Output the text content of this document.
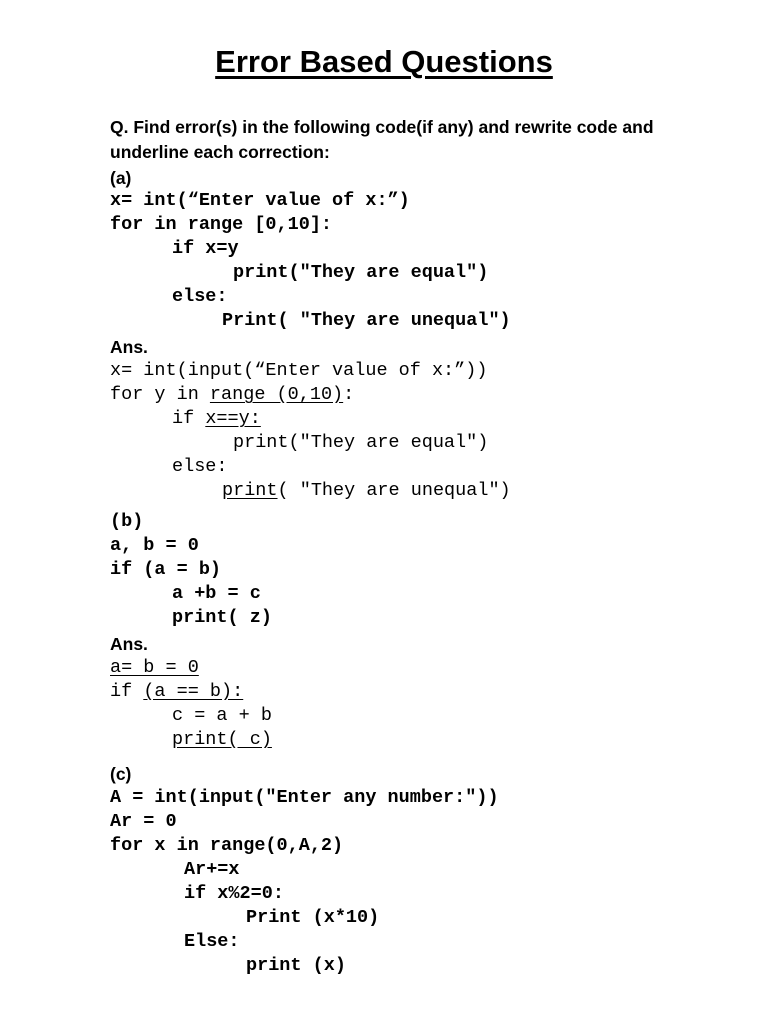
Error Based Questions
Q. Find error(s) in the following code(if any) and rewrite code and
underline each correction:
(a)
x= int(“Enter value of x:”)
for in range [0,10]:
if x=y
print("They are equal")
else:
Print( "They are unequal")
Ans.
x= int(input(“Enter value of x:”))
for y in range (0,10):
if x==y:
print("They are equal")
else:
print( "They are unequal")
(b)
a, b = 0
if (a = b)
a +b = c
print( z)
Ans.
a= b = 0
if (a == b):
c = a + b
print( c)
(c)
A = int(input("Enter any number:"))
Ar = 0
for x in range(0,A,2)
Ar+=x
if x%2=0:
Print (x*10)
Else:
print (x)
